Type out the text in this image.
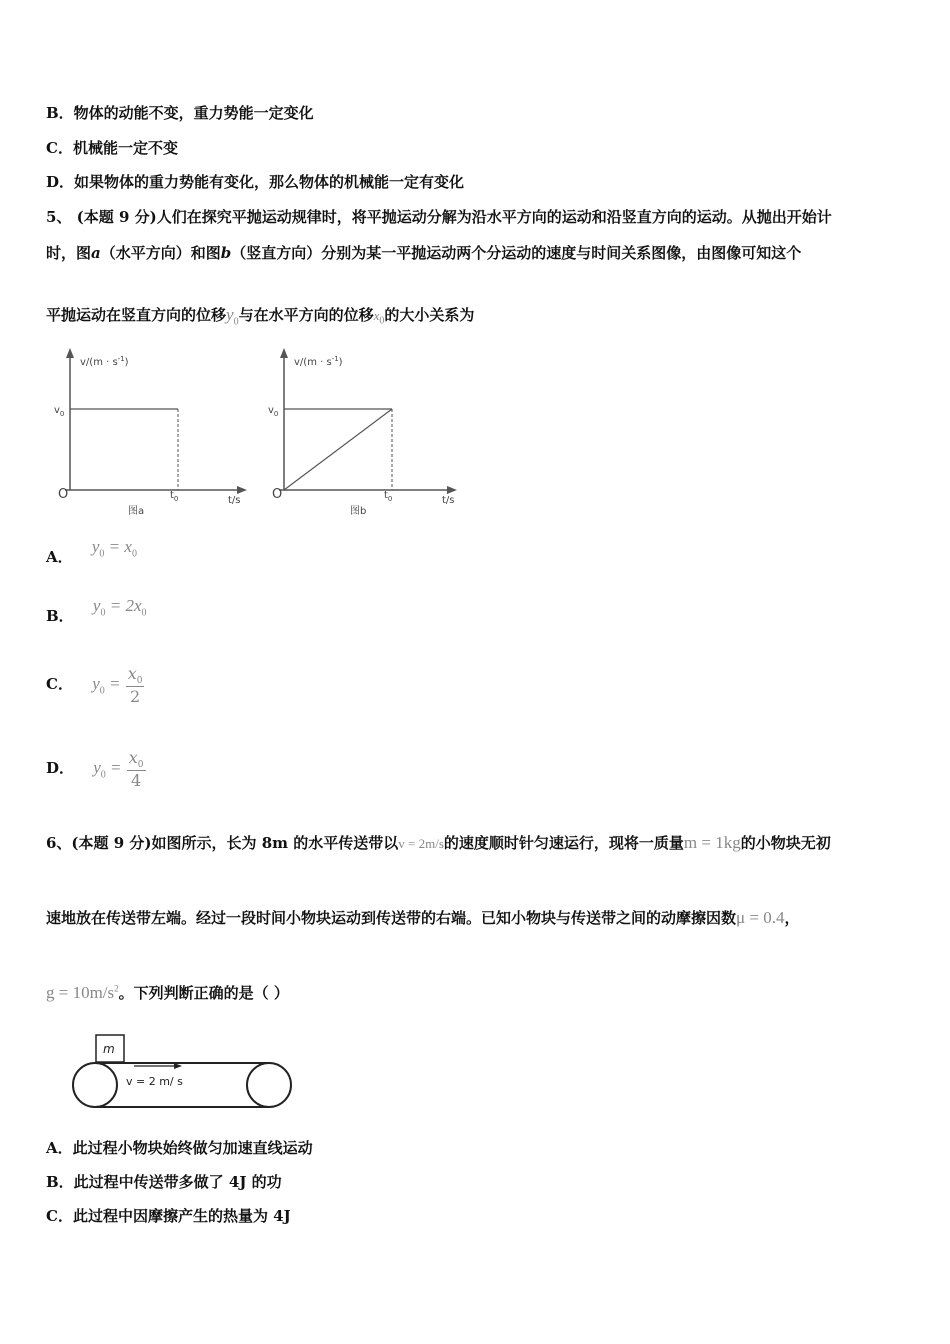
B．物体的动能不变，重力势能一定变化
C．机械能一定不变
D．如果物体的重力势能有变化，那么物体的机械能一定有变化
5、 (本题 9 分)人们在探究平抛运动规律时，将平抛运动分解为沿水平方向的运动和沿竖直方向的运动。从抛出开始计
时，图a（水平方向）和图b（竖直方向）分别为某一平抛运动两个分运动的速度与时间关系图像，由图像可知这个
平抛运动在竖直方向的位移$y_0$与在水平方向的位移$x_0$的大小关系为
$v/(m \cdot s^{-1})$
$v_0$
O	$t_0$	t/s
图a
$v/(m \cdot s^{-1})$
$v_0$
O	$t_0$	t/s
图b
A． $y_0 = x_0$
B． $y_0 = 2x_0$
C． $y_0 = \frac{x_0}{2}$
D． $y_0 = \frac{x_0}{4}$
6、(本题 9 分)如图所示，长为 8m 的水平传送带以v = 2m/s的速度顺时针匀速运行，现将一质量m = 1kg的小物块无初
速地放在传送带左端。经过一段时间小物块运动到传送带的右端。已知小物块与传送带之间的动摩擦因数μ = 0.4，
$g = 10m/s^2$。下列判断正确的是（ ）
m
v = 2 m/ s
A．此过程小物块始终做匀加速直线运动
B．此过程中传送带多做了 4J 的功
C．此过程中因摩擦产生的热量为 4J
